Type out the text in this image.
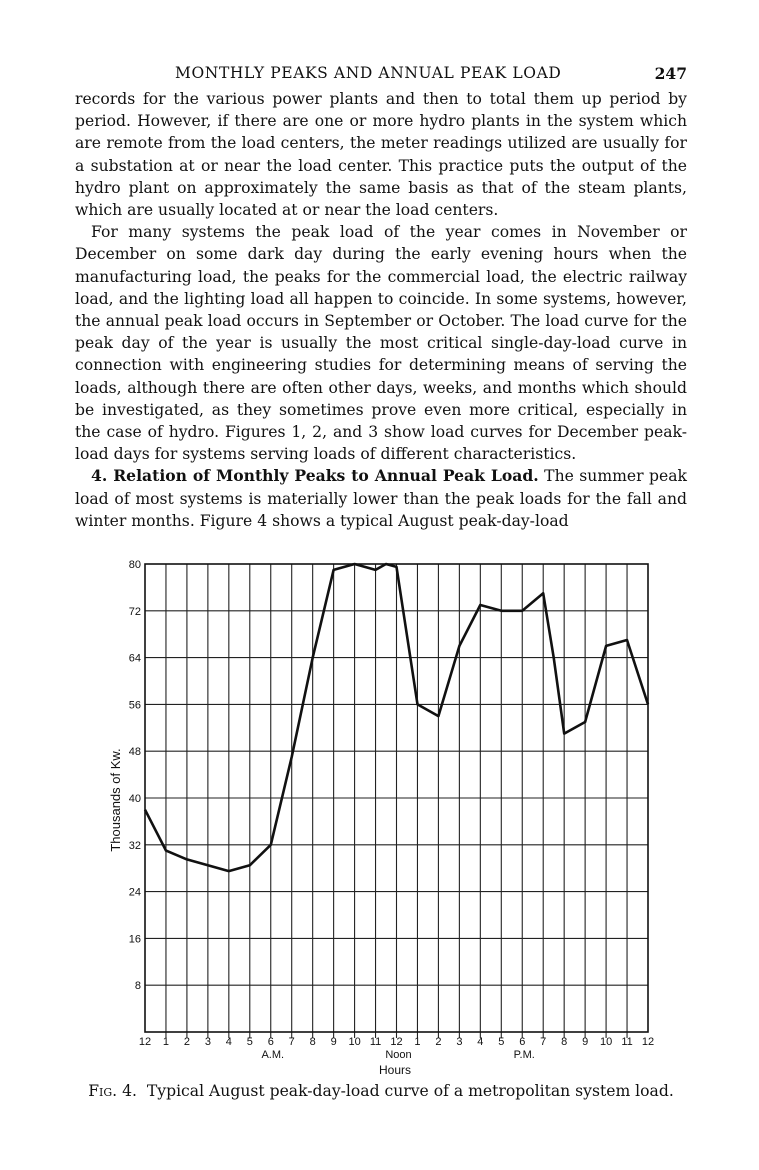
MONTHLY PEAKS AND ANNUAL PEAK LOAD	247

records for the various power plants and then to total them up period by period. However, if there are one or more hydro plants in the system which are remote from the load centers, the meter readings utilized are usually for a substation at or near the load center. This practice puts the output of the hydro plant on approximately the same basis as that of the steam plants, which are usually located at or near the load centers.

For many systems the peak load of the year comes in November or December on some dark day during the early evening hours when the manufacturing load, the peaks for the commercial load, the electric railway load, and the lighting load all happen to coincide. In some systems, however, the annual peak load occurs in September or October. The load curve for the peak day of the year is usually the most critical single-day-load curve in connection with engineering studies for determining means of serving the loads, although there are often other days, weeks, and months which should be investigated, as they sometimes prove even more critical, especially in the case of hydro. Figures 1, 2, and 3 show load curves for December peak-load days for systems serving loads of different characteristics.

4. Relation of Monthly Peaks to Annual Peak Load. The summer peak load of most systems is materially lower than the peak loads for the fall and winter months. Figure 4 shows a typical August peak-day-load

8
16
24
32
40
48
56
64
72
80
12 1 2 3 4 5 6 7 8 9 10 11 12 1 2 3 4 5 6 7 8 9 10 11 12
A.M.	Noon	P.M.
Thousands of Kw.
Hours
Fig. 4. Typical August peak-day-load curve of a metropolitan system load.
